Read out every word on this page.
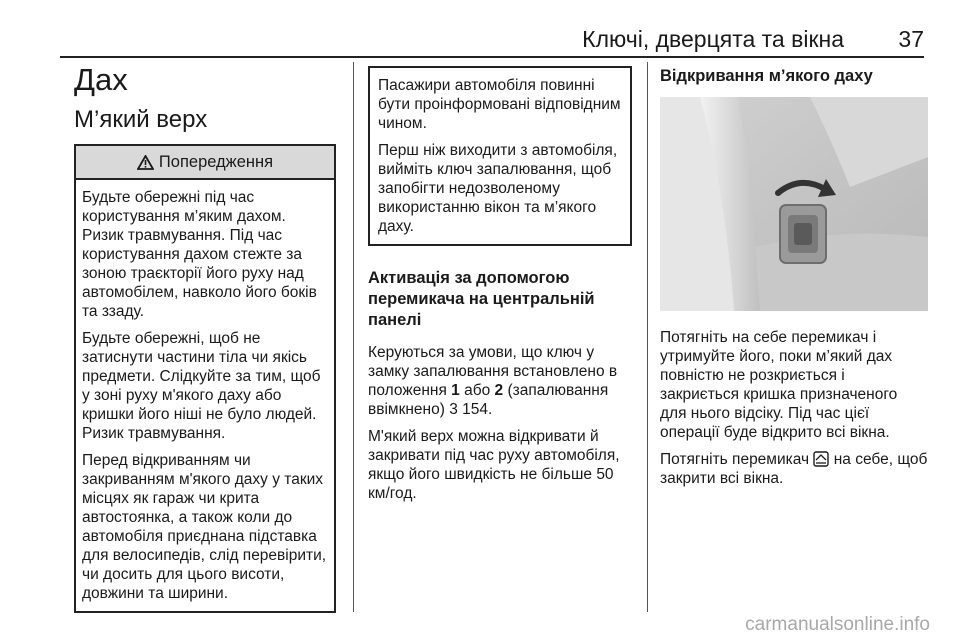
Ключі, дверцята та вікна 37
Дах
М’який верх
Попередження

Будьте обережні під час користування м’яким дахом. Ризик травмування. Під час користування дахом стежте за зоною траєкторії його руху над автомобілем, навколо його боків та ззаду.

Будьте обережні, щоб не затиснути частини тіла чи якісь предмети. Слідкуйте за тим, щоб у зоні руху м'якого даху або кришки його ніші не було людей. Ризик травмування.

Перед відкриванням чи закриванням м'якого даху у таких місцях як гараж чи крита автостоянка, а також коли до автомобіля приєднана підставка для велосипедів, слід перевірити, чи досить для цього висоти, довжини та ширини.

Пасажири автомобіля повинні бути проінформовані відповідним чином.

Перш ніж виходити з автомобіля, вийміть ключ запалювання, щоб запобігти недозволеному використанню вікон та м’якого даху.

Активація за допомогою перемикача на центральній панелі

Керуються за умови, що ключ у замку запалювання встановлено в положення 1 або 2 (запалювання ввімкнено) 3 154.

М'який верх можна відкривати й закривати під час руху автомобіля, якщо його швидкість не більше 50 км/год.

Відкривання м’якого даху

Потягніть на себе перемикач і утримуйте його, поки м’який дах повністю не розкриється і закриється кришка призначеного для нього відсіку. Під час цієї операції буде відкрито всі вікна.

Потягніть перемикач  на себе, щоб закрити всі вікна.

carmanualsonline.info
